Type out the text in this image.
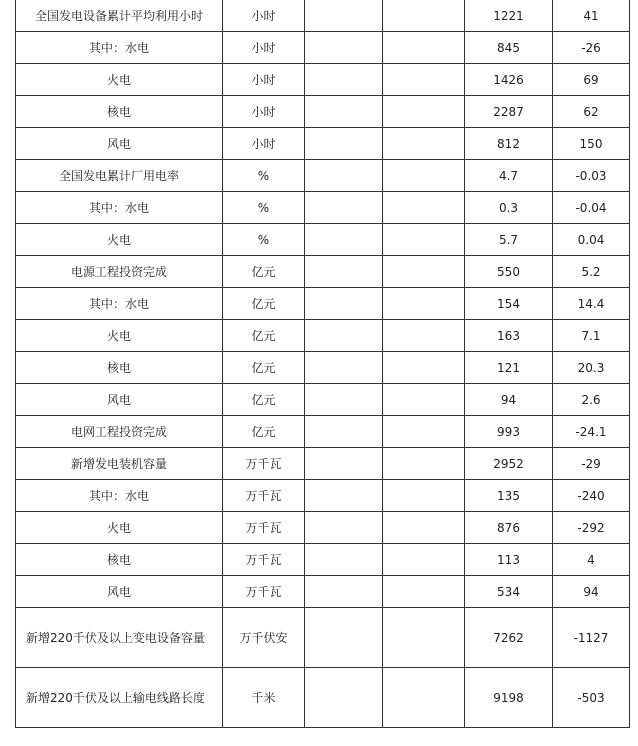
全国发电设备累计平均利用小时	小时			1221	41
其中：水电	小时			845	-26
火电	小时			1426	69
核电	小时			2287	62
风电	小时			812	150
全国发电累计厂用电率	%			4.7	-0.03
其中：水电	%			0.3	-0.04
火电	%			5.7	0.04
电源工程投资完成	亿元			550	5.2
其中：水电	亿元			154	14.4
火电	亿元			163	7.1
核电	亿元			121	20.3
风电	亿元			94	2.6
电网工程投资完成	亿元			993	-24.1
新增发电装机容量	万千瓦			2952	-29
其中：水电	万千瓦			135	-240
火电	万千瓦			876	-292
核电	万千瓦			113	4
风电	万千瓦			534	94
新增220千伏及以上变电设备容量	万千伏安			7262	-1127
新增220千伏及以上输电线路长度	千米			9198	-503
